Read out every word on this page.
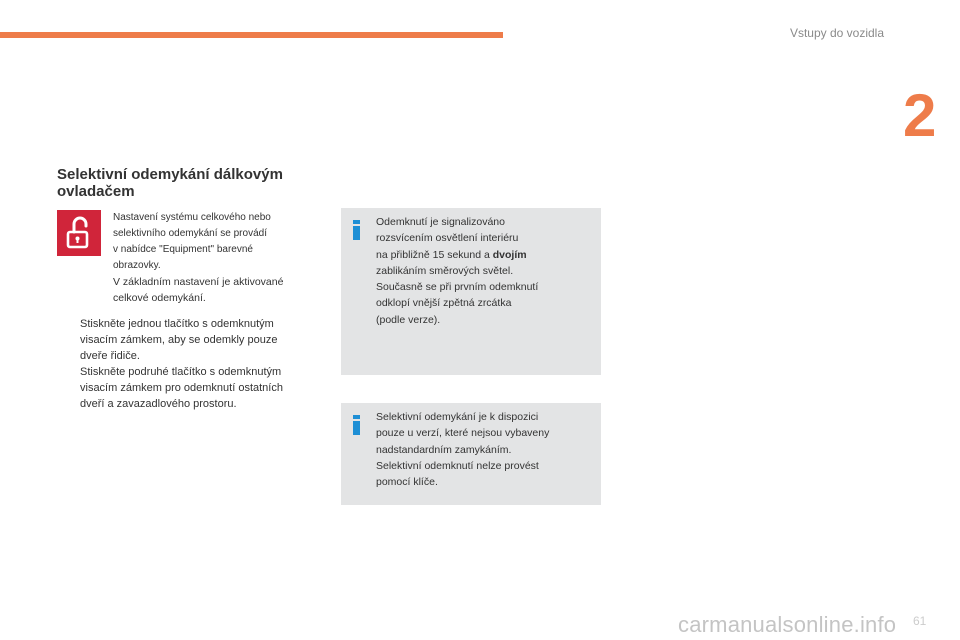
Vstupy do vozidla
2
Selektivní odemykání dálkovým
ovladačem
Nastavení systému celkového nebo
selektivního odemykání se provádí
v nabídce "Equipment" barevné
obrazovky.
V základním nastavení je aktivované
celkové odemykání.
Stiskněte jednou tlačítko s odemknutým
visacím zámkem, aby se odemkly pouze
dveře řidiče.
Stiskněte podruhé tlačítko s odemknutým
visacím zámkem pro odemknutí ostatních
dveří a zavazadlového prostoru.
Odemknutí je signalizováno
rozsvícením osvětlení interiéru
na přibližně 15 sekund a dvojím
zablikáním směrových světel.
Současně se při prvním odemknutí
odklopí vnější zpětná zrcátka
(podle verze).
Selektivní odemykání je k dispozici
pouze u verzí, které nejsou vybaveny
nadstandardním zamykáním.
Selektivní odemknutí nelze provést
pomocí klíče.
carmanualsonline.info 61
